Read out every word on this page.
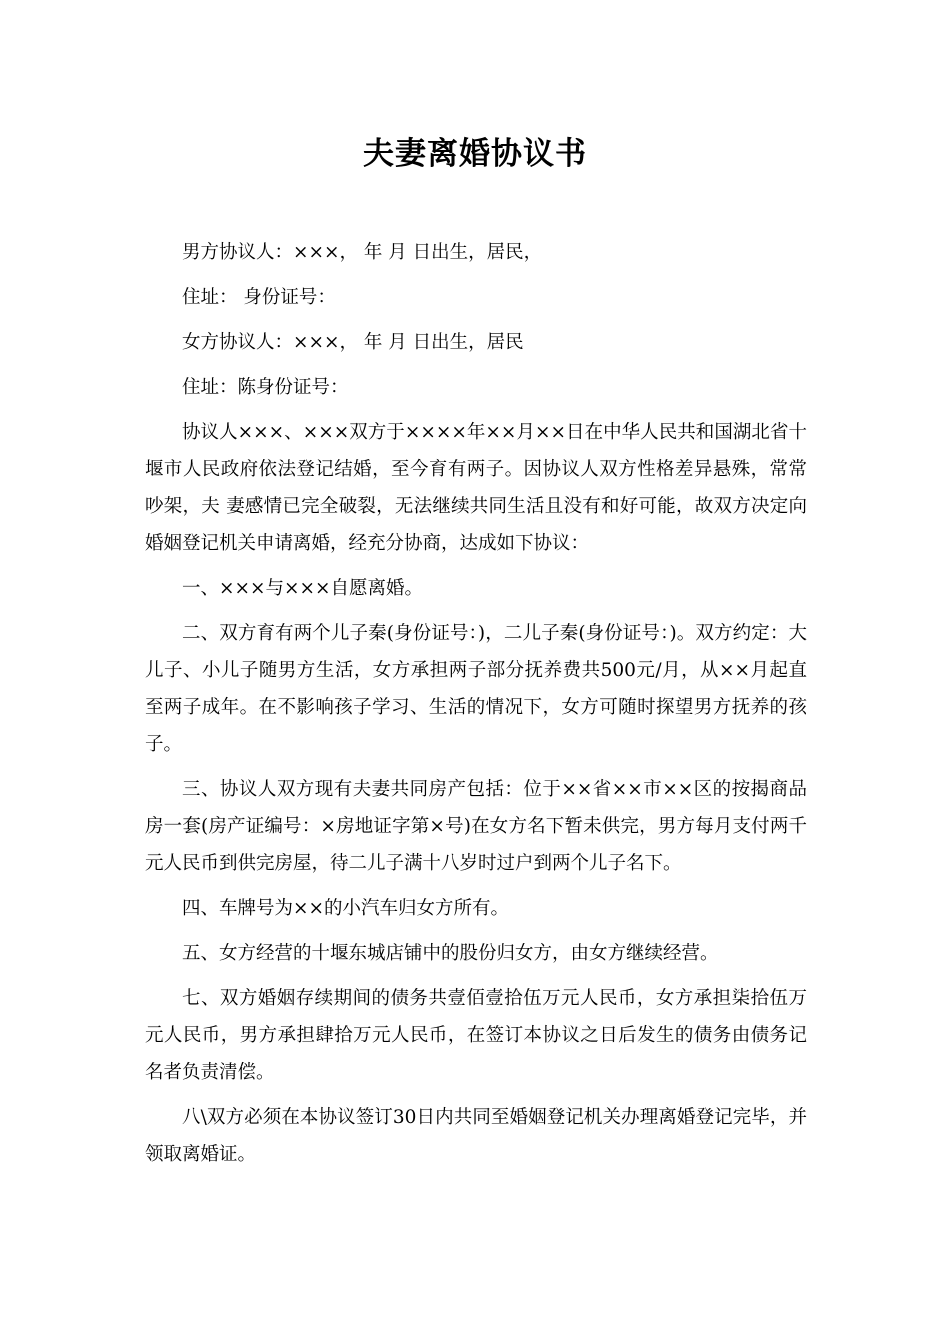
夫妻离婚协议书

男方协议人：×××， 年 月 日出生，居民，

住址： 身份证号：

女方协议人：×××， 年 月 日出生，居民

住址：陈身份证号：

协议人×××、×××双方于××××年××月××日在中华人民共和国湖北省十堰市人民政府依法登记结婚，至今育有两子。因协议人双方性格差异悬殊，常常吵架，夫 妻感情已完全破裂，无法继续共同生活且没有和好可能，故双方决定向婚姻登记机关申请离婚，经充分协商，达成如下协议：

一、×××与×××自愿离婚。

二、双方育有两个儿子秦(身份证号：)，二儿子秦(身份证号：)。双方约定：大儿子、小儿子随男方生活，女方承担两子部分抚养费共500元/月，从××月起直至两子成年。在不影响孩子学习、生活的情况下，女方可随时探望男方抚养的孩子。

三、协议人双方现有夫妻共同房产包括：位于××省××市××区的按揭商品房一套(房产证编号：×房地证字第×号)在女方名下暂未供完，男方每月支付两千元人民币到供完房屋，待二儿子满十八岁时过户到两个儿子名下。

四、车牌号为××的小汽车归女方所有。

五、女方经营的十堰东城店铺中的股份归女方，由女方继续经营。

七、双方婚姻存续期间的债务共壹佰壹拾伍万元人民币，女方承担柒拾伍万元人民币，男方承担肆拾万元人民币，在签订本协议之日后发生的债务由债务记名者负责清偿。

八\双方必须在本协议签订30日内共同至婚姻登记机关办理离婚登记完毕，并领取离婚证。
